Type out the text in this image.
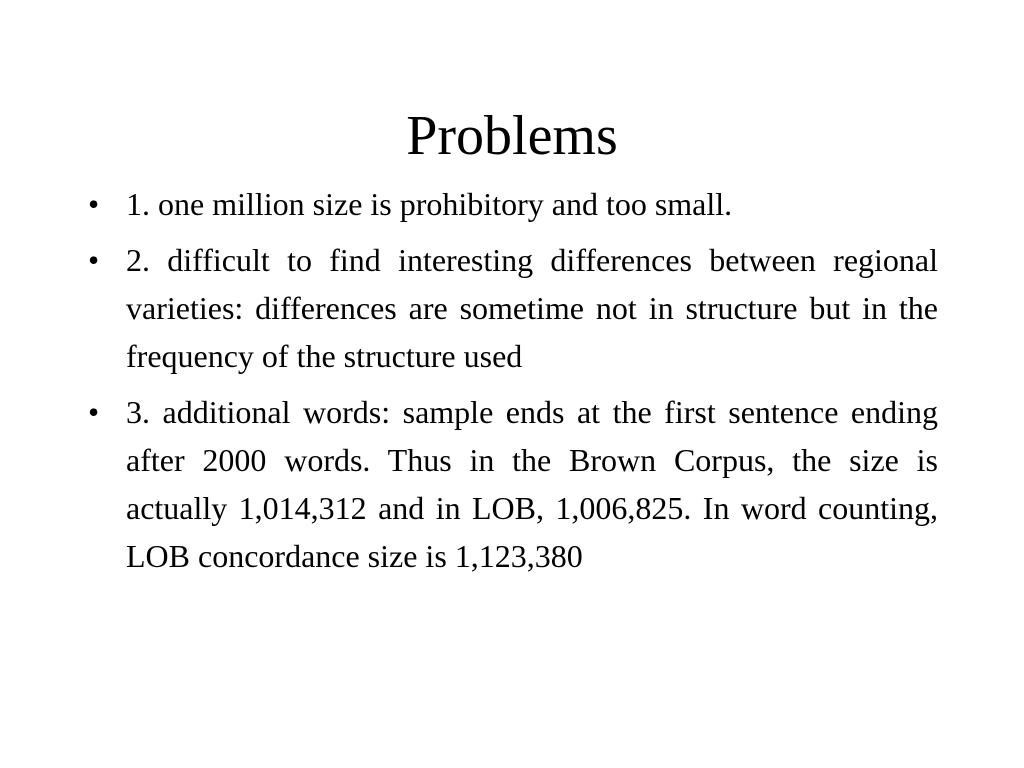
Problems
• 1. one million size is prohibitory and too small.
• 2. difficult to find interesting differences between regional varieties: differences are sometime not in structure but in the frequency of the structure used
• 3. additional words: sample ends at the first sentence ending after 2000 words. Thus in the Brown Corpus, the size is actually 1,014,312 and in LOB, 1,006,825. In word counting, LOB concordance size is 1,123,380
